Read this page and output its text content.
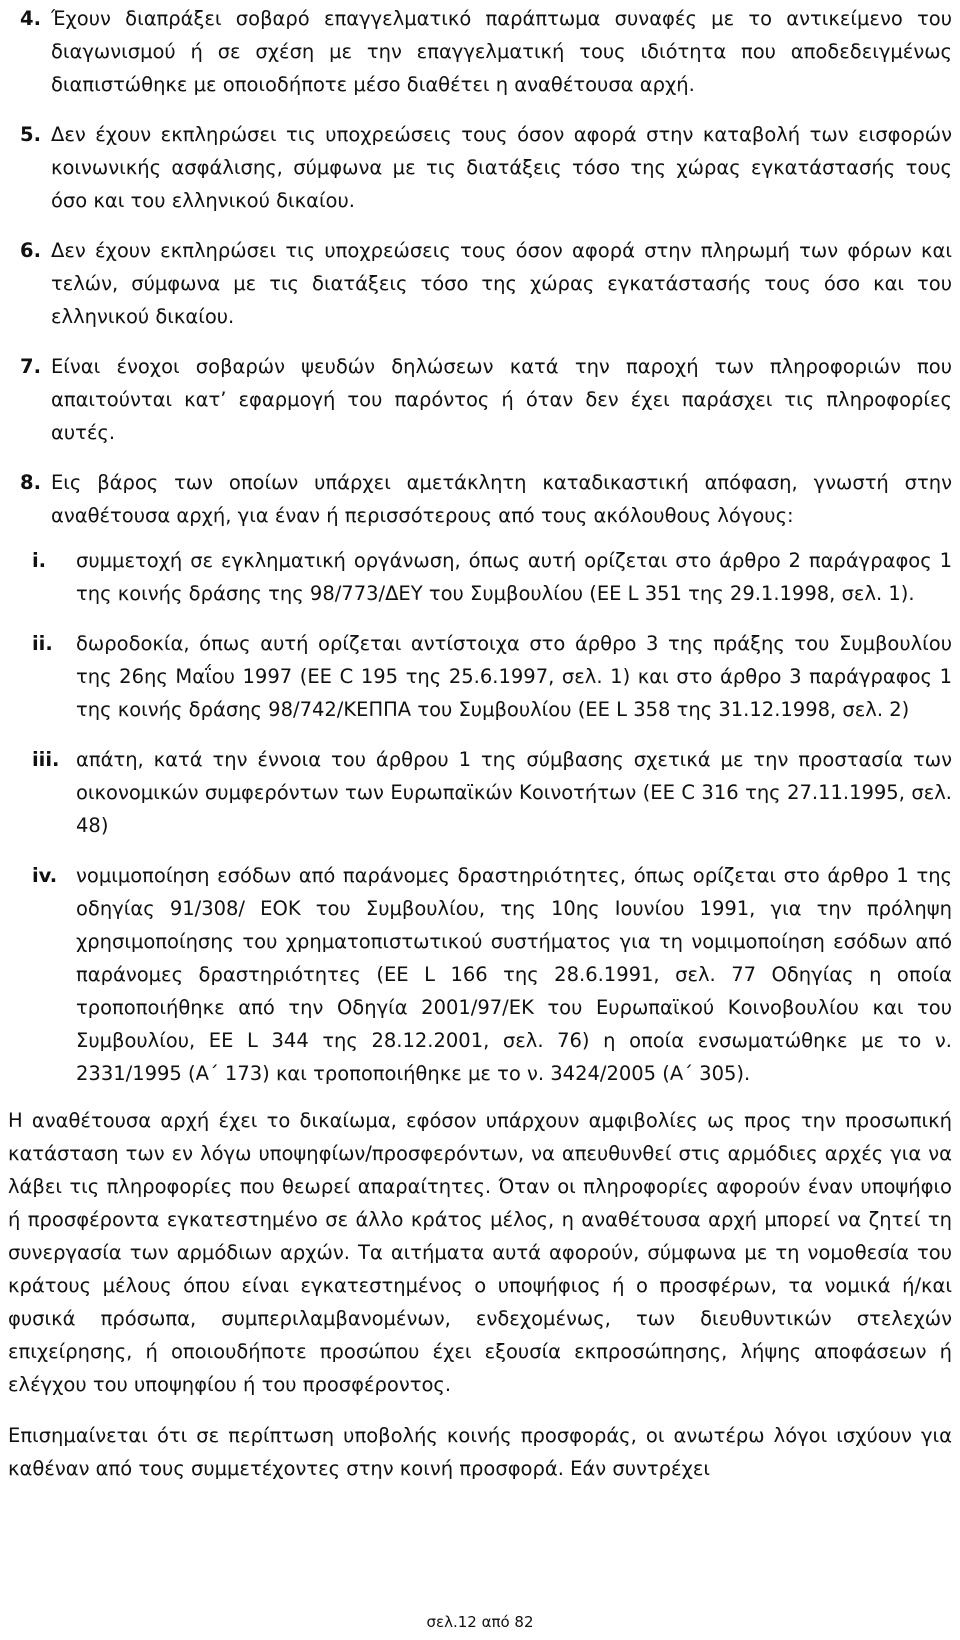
4. Έχουν διαπράξει σοβαρό επαγγελματικό παράπτωμα συναφές με το αντικείμενο του διαγωνισμού ή σε σχέση με την επαγγελματική τους ιδιότητα που αποδεδειγμένως διαπιστώθηκε με οποιοδήποτε μέσο διαθέτει η αναθέτουσα αρχή.
5. Δεν έχουν εκπληρώσει τις υποχρεώσεις τους όσον αφορά στην καταβολή των εισφορών κοινωνικής ασφάλισης, σύμφωνα με τις διατάξεις τόσο της χώρας εγκατάστασής τους όσο και του ελληνικού δικαίου.
6. Δεν έχουν εκπληρώσει τις υποχρεώσεις τους όσον αφορά στην πληρωμή των φόρων και τελών, σύμφωνα με τις διατάξεις τόσο της χώρας εγκατάστασής τους όσο και του ελληνικού δικαίου.
7. Είναι ένοχοι σοβαρών ψευδών δηλώσεων κατά την παροχή των πληροφοριών που απαιτούνται κατ’ εφαρμογή του παρόντος ή όταν δεν έχει παράσχει τις πληροφορίες αυτές.
8. Εις βάρος των οποίων υπάρχει αμετάκλητη καταδικαστική απόφαση, γνωστή στην αναθέτουσα αρχή, για έναν ή περισσότερους από τους ακόλουθους λόγους:
i.	συμμετοχή σε εγκληματική οργάνωση, όπως αυτή ορίζεται στο άρθρο 2 παράγραφος 1 της κοινής δράσης της 98/773/ΔΕΥ του Συμβουλίου (ΕΕ L 351 της 29.1.1998, σελ. 1).
ii.	δωροδοκία, όπως αυτή ορίζεται αντίστοιχα στο άρθρο 3 της πράξης του Συμβουλίου της 26ης Μαΐου 1997 (ΕΕ C 195 της 25.6.1997, σελ. 1) και στο άρθρο 3 παράγραφος 1 της κοινής δράσης 98/742/ΚΕΠΠΑ του Συμβουλίου (ΕΕ L 358 της 31.12.1998, σελ. 2)
iii. απάτη, κατά την έννοια του άρθρου 1 της σύμβασης σχετικά με την προστασία των οικονομικών συμφερόντων των Ευρωπαϊκών Κοινοτήτων (ΕΕ C 316 της 27.11.1995, σελ. 48)
iv. νομιμοποίηση εσόδων από παράνομες δραστηριότητες, όπως ορίζεται στο άρθρο 1 της οδηγίας 91/308/ ΕΟΚ του Συμβουλίου, της 10ης Ιουνίου 1991, για την πρόληψη χρησιμοποίησης του χρηματοπιστωτικού συστήματος για τη νομιμοποίηση εσόδων από παράνομες δραστηριότητες (ΕΕ L 166 της 28.6.1991, σελ. 77 Οδηγίας η οποία τροποποιήθηκε από την Οδηγία 2001/97/ΕΚ του Ευρωπαϊκού Κοινοβουλίου και του Συμβουλίου, ΕΕ L 344 της 28.12.2001, σελ. 76) η οποία ενσωματώθηκε με το ν. 2331/1995 (Α΄ 173) και τροποποιήθηκε με το ν. 3424/2005 (Α΄ 305).

Η αναθέτουσα αρχή έχει το δικαίωμα, εφόσον υπάρχουν αμφιβολίες ως προς την προσωπική κατάσταση των εν λόγω υποψηφίων/προσφερόντων, να απευθυνθεί στις αρμόδιες αρχές για να λάβει τις πληροφορίες που θεωρεί απαραίτητες. Όταν οι πληροφορίες αφορούν έναν υποψήφιο ή προσφέροντα εγκατεστημένο σε άλλο κράτος μέλος, η αναθέτουσα αρχή μπορεί να ζητεί τη συνεργασία των αρμόδιων αρχών. Τα αιτήματα αυτά αφορούν, σύμφωνα με τη νομοθεσία του κράτους μέλους όπου είναι εγκατεστημένος ο υποψήφιος ή ο προσφέρων, τα νομικά ή/και φυσικά πρόσωπα, συμπεριλαμβανομένων, ενδεχομένως, των διευθυντικών στελεχών επιχείρησης, ή οποιουδήποτε προσώπου έχει εξουσία εκπροσώπησης, λήψης αποφάσεων ή ελέγχου του υποψηφίου ή του προσφέροντος.

Επισημαίνεται ότι σε περίπτωση υποβολής κοινής προσφοράς, οι ανωτέρω λόγοι ισχύουν για καθέναν από τους συμμετέχοντες στην κοινή προσφορά. Εάν συντρέχει

σελ.12 από 82
